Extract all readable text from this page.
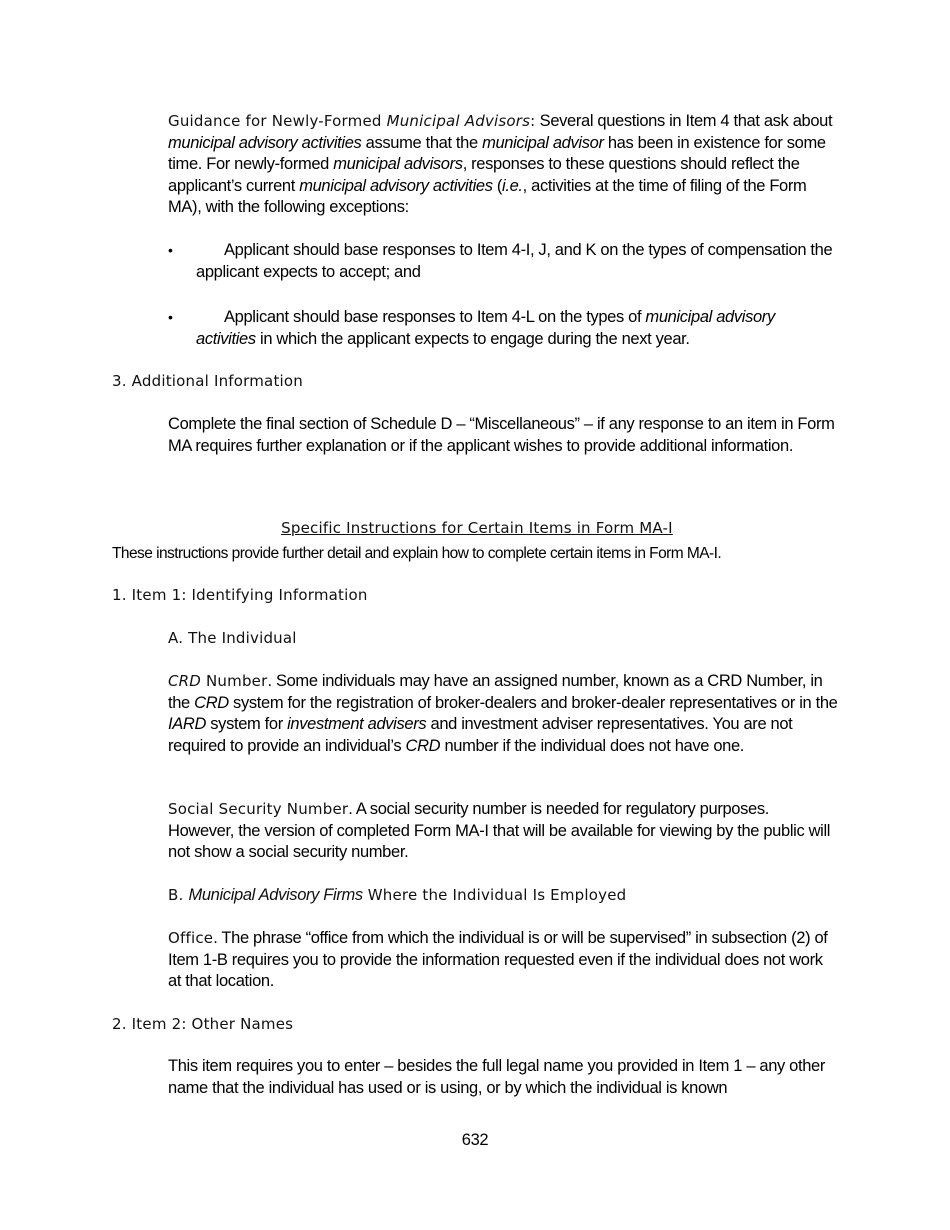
Guidance for Newly-Formed Municipal Advisors: Several questions in Item 4 that ask about municipal advisory activities assume that the municipal advisor has been in existence for some time. For newly-formed municipal advisors, responses to these questions should reflect the applicant’s current municipal advisory activities (i.e., activities at the time of filing of the Form MA), with the following exceptions:

•	Applicant should base responses to Item 4-I, J, and K on the types of compensation the applicant expects to accept; and

•	Applicant should base responses to Item 4-L on the types of municipal advisory activities in which the applicant expects to engage during the next year.

3. Additional Information

Complete the final section of Schedule D – “Miscellaneous” – if any response to an item in Form MA requires further explanation or if the applicant wishes to provide additional information.

Specific Instructions for Certain Items in Form MA-I

These instructions provide further detail and explain how to complete certain items in Form MA-I.

1. Item 1: Identifying Information

A. The Individual

CRD Number. Some individuals may have an assigned number, known as a CRD Number, in the CRD system for the registration of broker-dealers and broker-dealer representatives or in the IARD system for investment advisers and investment adviser representatives. You are not required to provide an individual’s CRD number if the individual does not have one.

Social Security Number. A social security number is needed for regulatory purposes. However, the version of completed Form MA-I that will be available for viewing by the public will not show a social security number.

B. Municipal Advisory Firms Where the Individual Is Employed

Office. The phrase “office from which the individual is or will be supervised” in subsection (2) of Item 1-B requires you to provide the information requested even if the individual does not work at that location.

2. Item 2: Other Names

This item requires you to enter – besides the full legal name you provided in Item 1 – any other name that the individual has used or is using, or by which the individual is known

632
